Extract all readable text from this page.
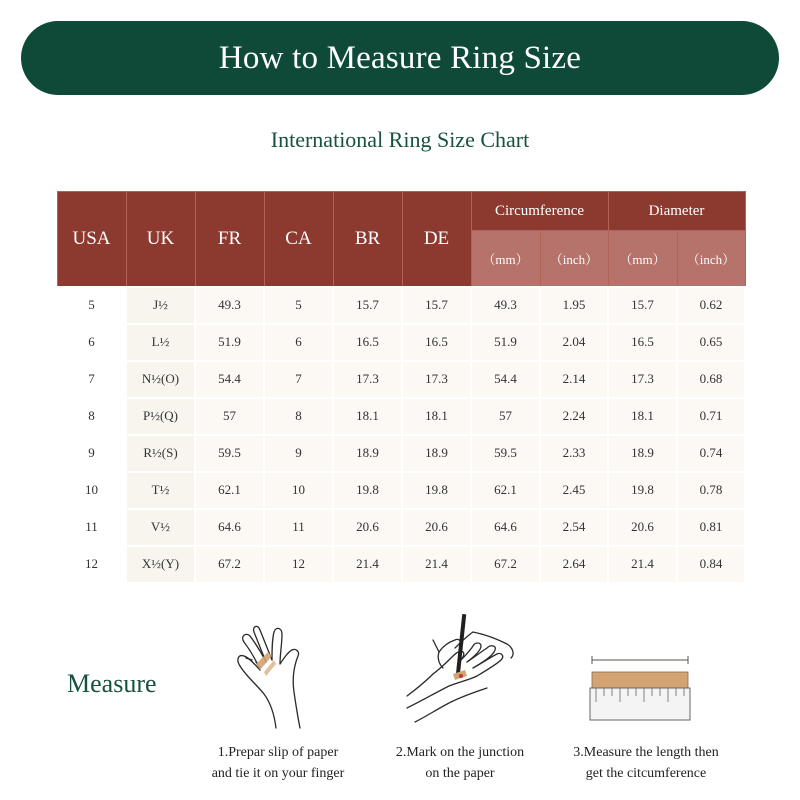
How to Measure Ring Size
International Ring Size Chart
USA	UK	FR	CA	BR	DE	Circumference		Diameter	
						（mm）	（inch）	（mm）	（inch）
5	J½	49.3	5	15.7	15.7	49.3	1.95	15.7	0.62
6	L½	51.9	6	16.5	16.5	51.9	2.04	16.5	0.65
7	N½(O)	54.4	7	17.3	17.3	54.4	2.14	17.3	0.68
8	P½(Q)	57	8	18.1	18.1	57	2.24	18.1	0.71
9	R½(S)	59.5	9	18.9	18.9	59.5	2.33	18.9	0.74
10	T½	62.1	10	19.8	19.8	62.1	2.45	19.8	0.78
11	V½	64.6	11	20.6	20.6	64.6	2.54	20.6	0.81
12	X½(Y)	67.2	12	21.4	21.4	67.2	2.64	21.4	0.84
Measure
1.Prepar slip of paper
and tie it on your finger
2.Mark on the junction
on the paper
3.Measure the length then
get the citcumference
